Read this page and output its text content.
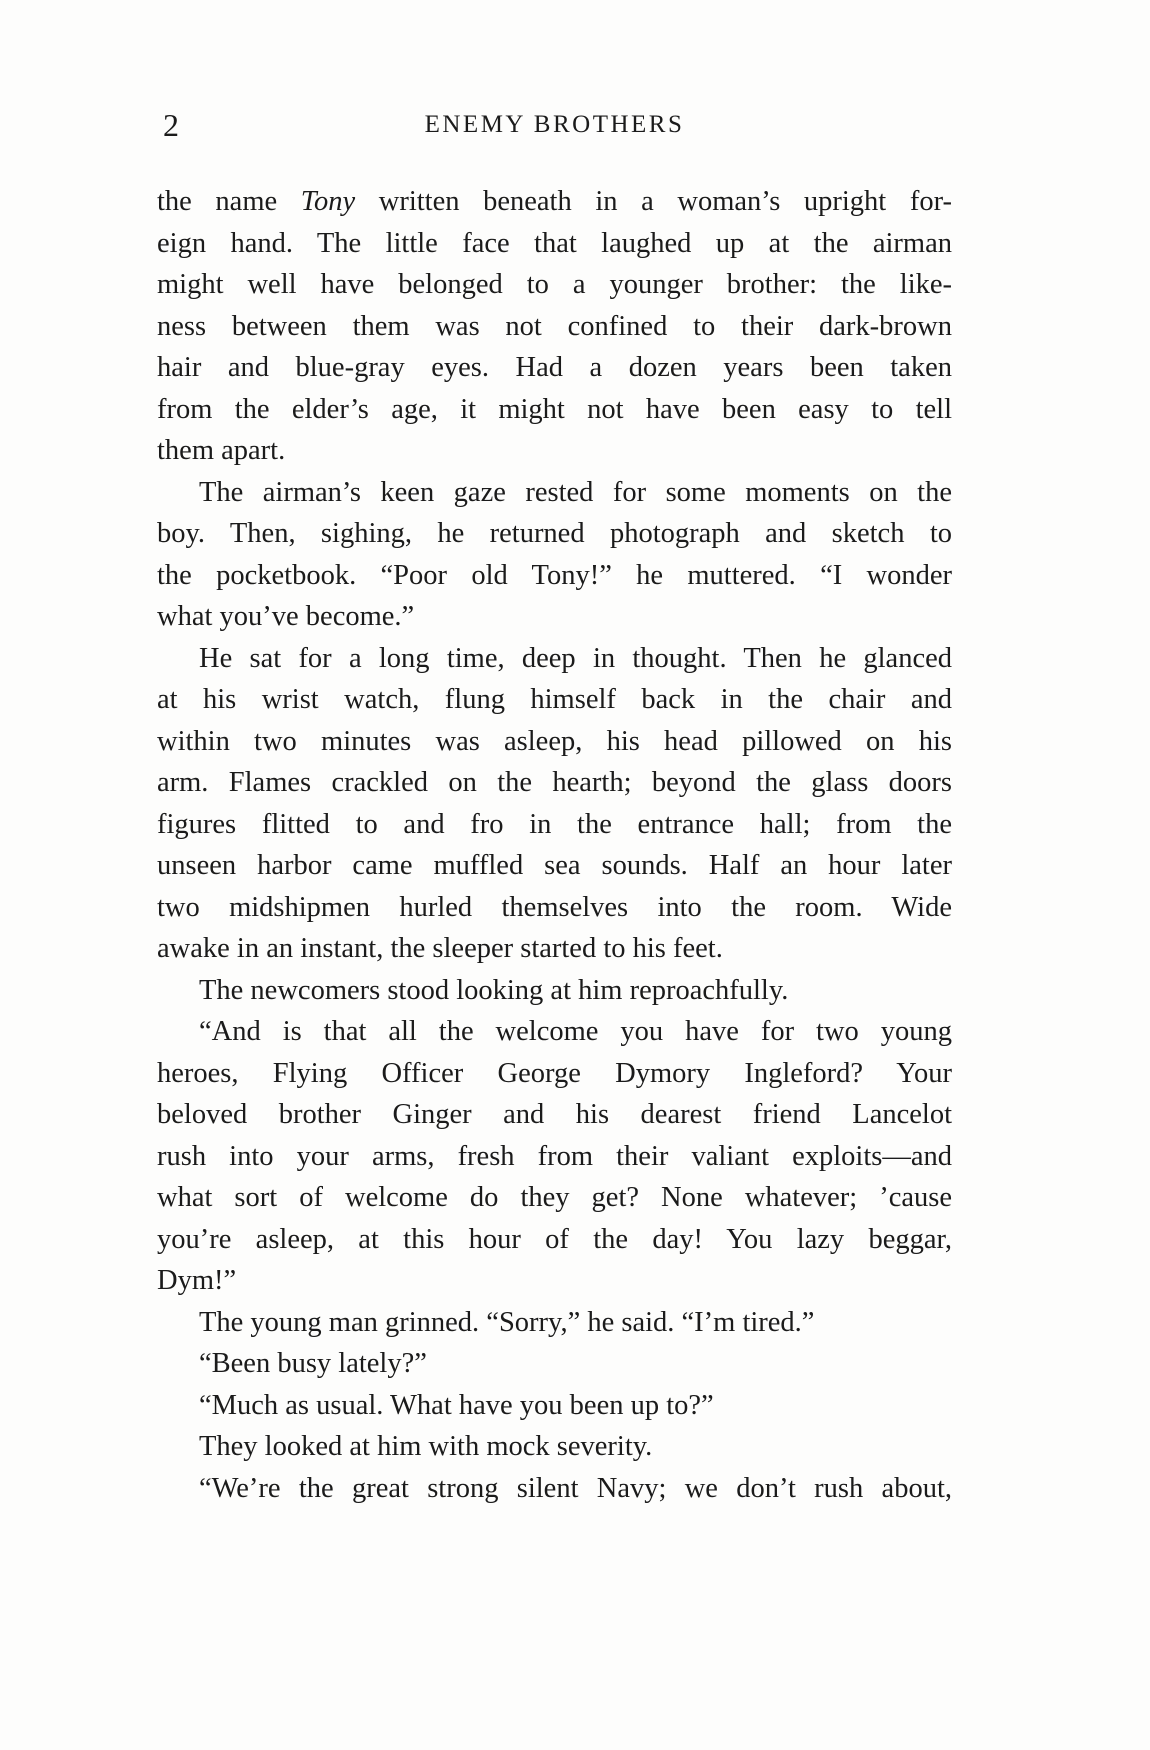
2	ENEMY BROTHERS

the name Tony written beneath in a woman’s upright for-
eign hand. The little face that laughed up at the airman
might well have belonged to a younger brother: the like-
ness between them was not confined to their dark-brown
hair and blue-gray eyes. Had a dozen years been taken
from the elder’s age, it might not have been easy to tell
them apart.

The airman’s keen gaze rested for some moments on the
boy. Then, sighing, he returned photograph and sketch to
the pocketbook. “Poor old Tony!” he muttered. “I wonder
what you’ve become.”

He sat for a long time, deep in thought. Then he glanced
at his wrist watch, flung himself back in the chair and
within two minutes was asleep, his head pillowed on his
arm. Flames crackled on the hearth; beyond the glass doors
figures flitted to and fro in the entrance hall; from the
unseen harbor came muffled sea sounds. Half an hour later
two midshipmen hurled themselves into the room. Wide
awake in an instant, the sleeper started to his feet.

The newcomers stood looking at him reproachfully.

“And is that all the welcome you have for two young
heroes, Flying Officer George Dymory Ingleford? Your
beloved brother Ginger and his dearest friend Lancelot
rush into your arms, fresh from their valiant exploits—and
what sort of welcome do they get? None whatever; ’cause
you’re asleep, at this hour of the day! You lazy beggar,
Dym!”

The young man grinned. “Sorry,” he said. “I’m tired.”

“Been busy lately?”

“Much as usual. What have you been up to?”

They looked at him with mock severity.

“We’re the great strong silent Navy; we don’t rush about,
